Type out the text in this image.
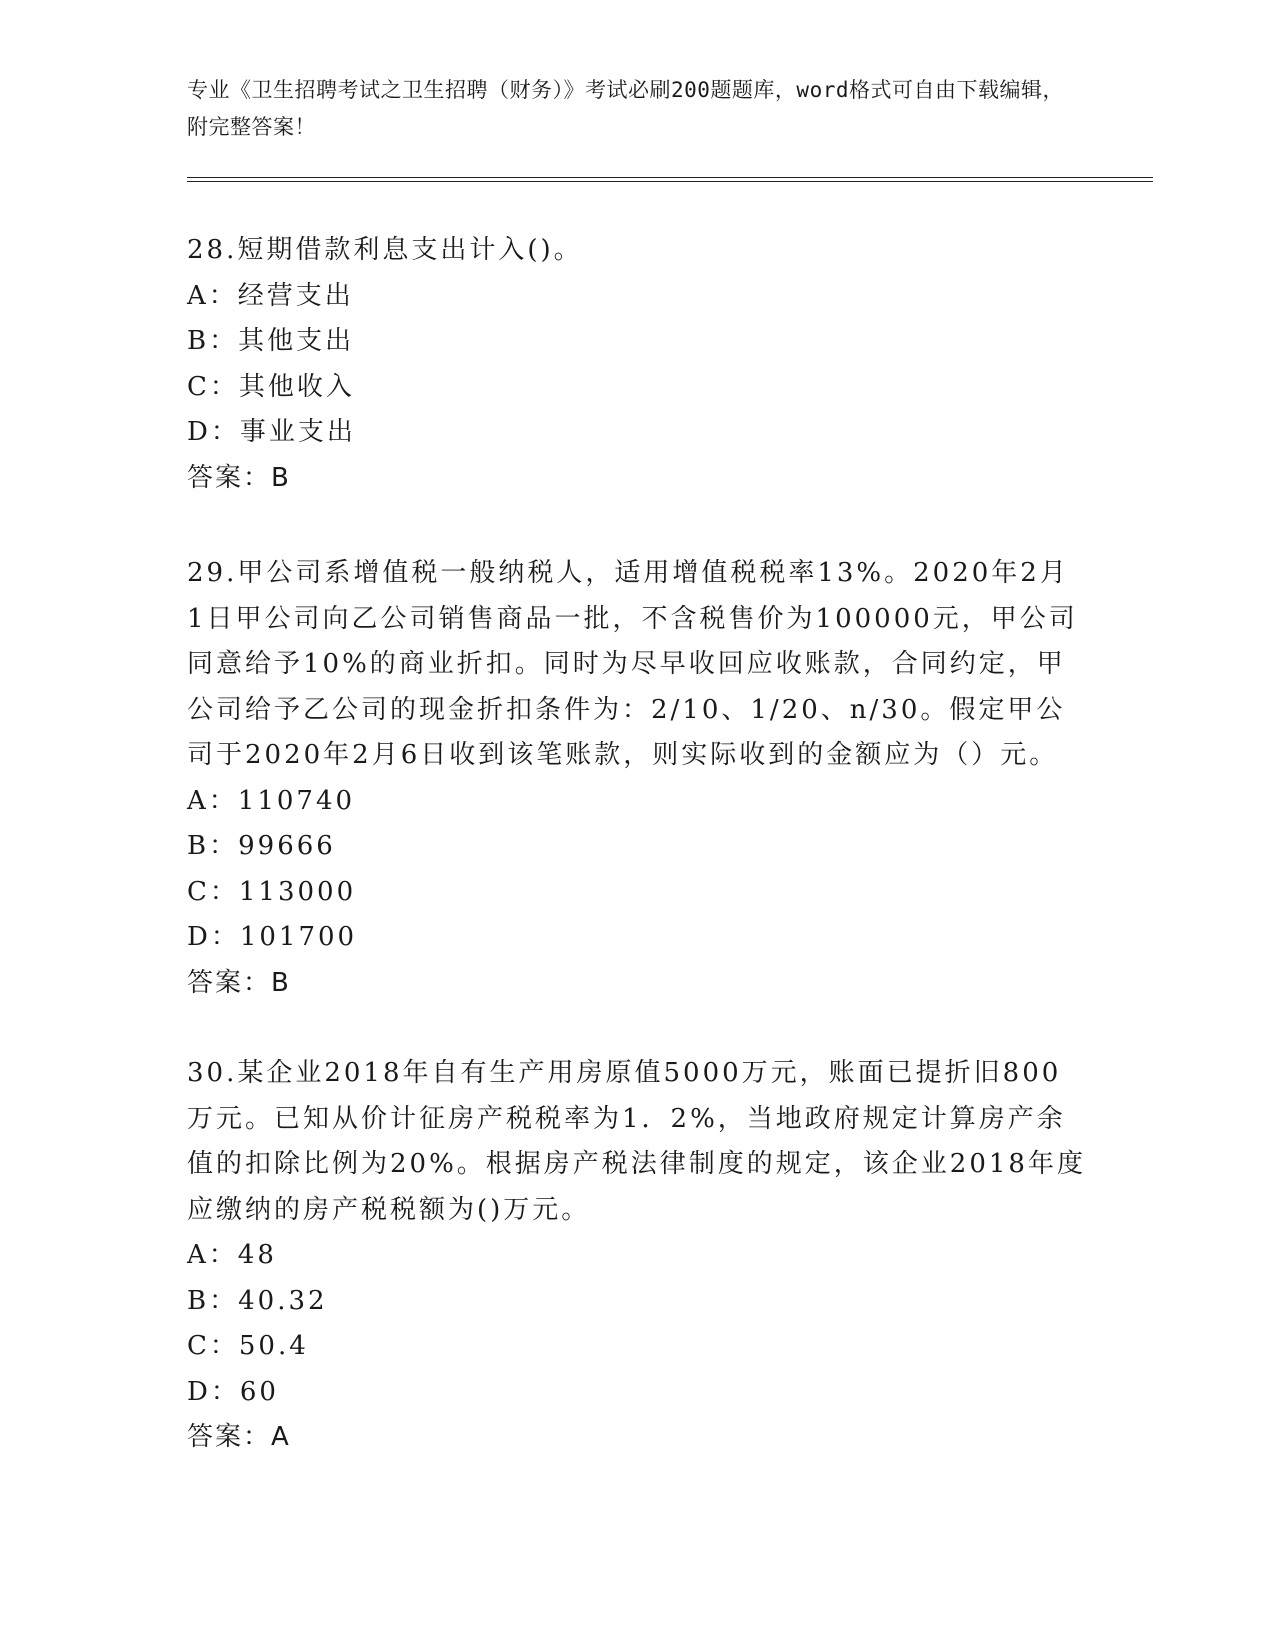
专业《卫生招聘考试之卫生招聘（财务）》考试必刷200题题库，word格式可自由下载编辑，附完整答案！

28.短期借款利息支出计入()。

A：经营支出

B：其他支出

C：其他收入

D：事业支出

答案：B

29.甲公司系增值税一般纳税人，适用增值税税率13%。2020年2月1日甲公司向乙公司销售商品一批，不含税售价为100000元，甲公司同意给予10%的商业折扣。同时为尽早收回应收账款，合同约定，甲公司给予乙公司的现金折扣条件为：2/10、1/20、n/30。假定甲公司于2020年2月6日收到该笔账款，则实际收到的金额应为（）元。

A：110740

B：99666

C：113000

D：101700

答案：B

30.某企业2018年自有生产用房原值5000万元，账面已提折旧800万元。已知从价计征房产税税率为1．2%，当地政府规定计算房产余值的扣除比例为20%。根据房产税法律制度的规定，该企业2018年度应缴纳的房产税税额为()万元。

A：48

B：40.32

C：50.4

D：60

答案：A
